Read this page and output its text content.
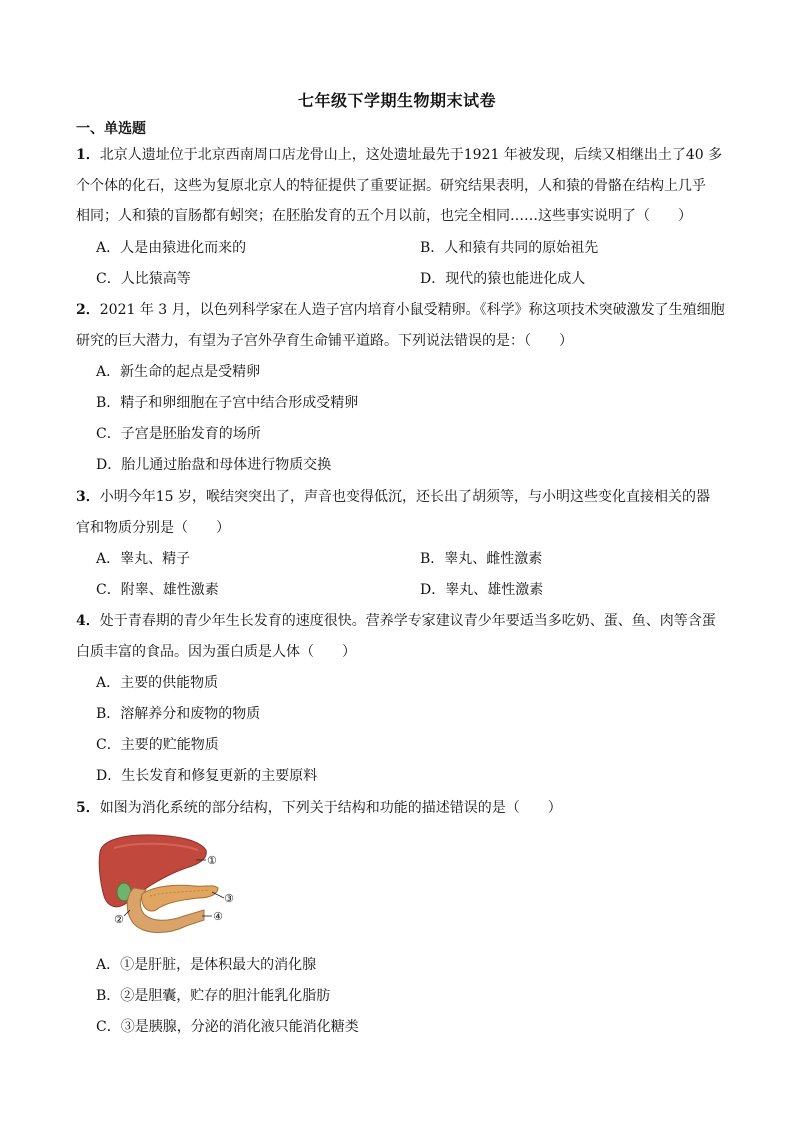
七年级下学期生物期末试卷
一、单选题
1．北京人遗址位于北京西南周口店龙骨山上，这处遗址最先于1921 年被发现，后续又相继出土了40 多
个个体的化石，这些为复原北京人的特征提供了重要证据。研究结果表明，人和猿的骨骼在结构上几乎
相同；人和猿的盲肠都有蚓突；在胚胎发育的五个月以前，也完全相同……这些事实说明了（　　）
A．人是由猿进化而来的	B．人和猿有共同的原始祖先
C．人比猿高等	D．现代的猿也能进化成人
2．2021 年 3 月，以色列科学家在人造子宫内培育小鼠受精卵。《科学》称这项技术突破激发了生殖细胞
研究的巨大潜力，有望为子宫外孕育生命铺平道路。下列说法错误的是：（　　）
A．新生命的起点是受精卵
B．精子和卵细胞在子宫中结合形成受精卵
C．子宫是胚胎发育的场所
D．胎儿通过胎盘和母体进行物质交换
3．小明今年15 岁，喉结突突出了，声音也变得低沉，还长出了胡须等，与小明这些变化直接相关的器
官和物质分别是（　　）
A．睾丸、精子	B．睾丸、雌性激素
C．附睾、雄性激素	D．睾丸、雄性激素
4．处于青春期的青少年生长发育的速度很快。营养学专家建议青少年要适当多吃奶、蛋、鱼、肉等含蛋
白质丰富的食品。因为蛋白质是人体（　　）
A．主要的供能物质
B．溶解养分和废物的物质
C．主要的贮能物质
D．生长发育和修复更新的主要原料
5．如图为消化系统的部分结构，下列关于结构和功能的描述错误的是（　　）
①
②
③
④
A．①是肝脏，是体积最大的消化腺
B．②是胆囊，贮存的胆汁能乳化脂肪
C．③是胰腺，分泌的消化液只能消化糖类
